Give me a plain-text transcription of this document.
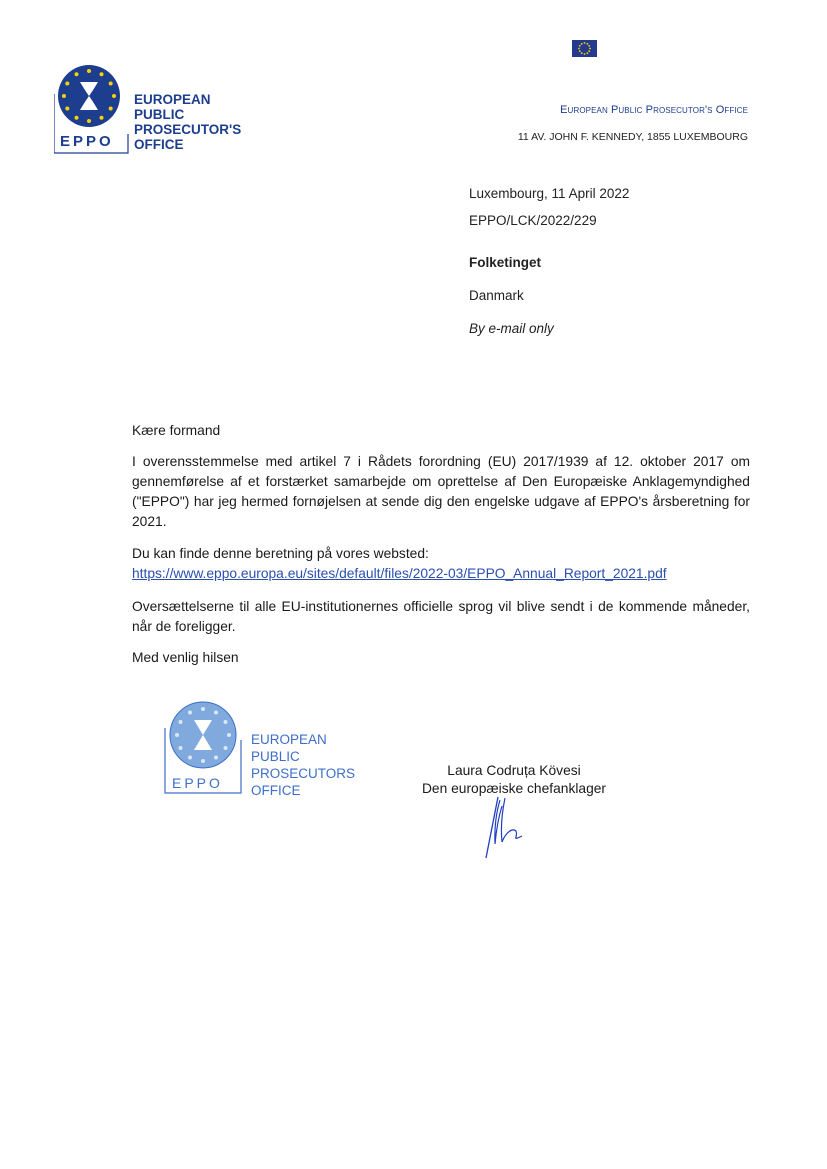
EPPO
EUROPEAN
PUBLIC
PROSECUTOR'S
OFFICE
European Public Prosecutor's Office
11 AV. JOHN F. KENNEDY, 1855 LUXEMBOURG
Luxembourg, 11 April 2022
EPPO/LCK/2022/229
Folketinget
Danmark
By e-mail only
Kære formand
I overensstemmelse med artikel 7 i Rådets forordning (EU) 2017/1939 af 12. oktober 2017 om gennemførelse af et forstærket samarbejde om oprettelse af Den Europæiske Anklagemyndighed ("EPPO") har jeg hermed fornøjelsen at sende dig den engelske udgave af EPPO's årsberetning for 2021.
Du kan finde denne beretning på vores websted:
https://www.eppo.europa.eu/sites/default/files/2022-03/EPPO_Annual_Report_2021.pdf
Oversættelserne til alle EU-institutionernes officielle sprog vil blive sendt i de kommende måneder, når de foreligger.
Med venlig hilsen
EPPO
EUROPEAN
PUBLIC
PROSECUTORS
OFFICE
Laura Codruța Kövesi
Den europæiske chefanklager
